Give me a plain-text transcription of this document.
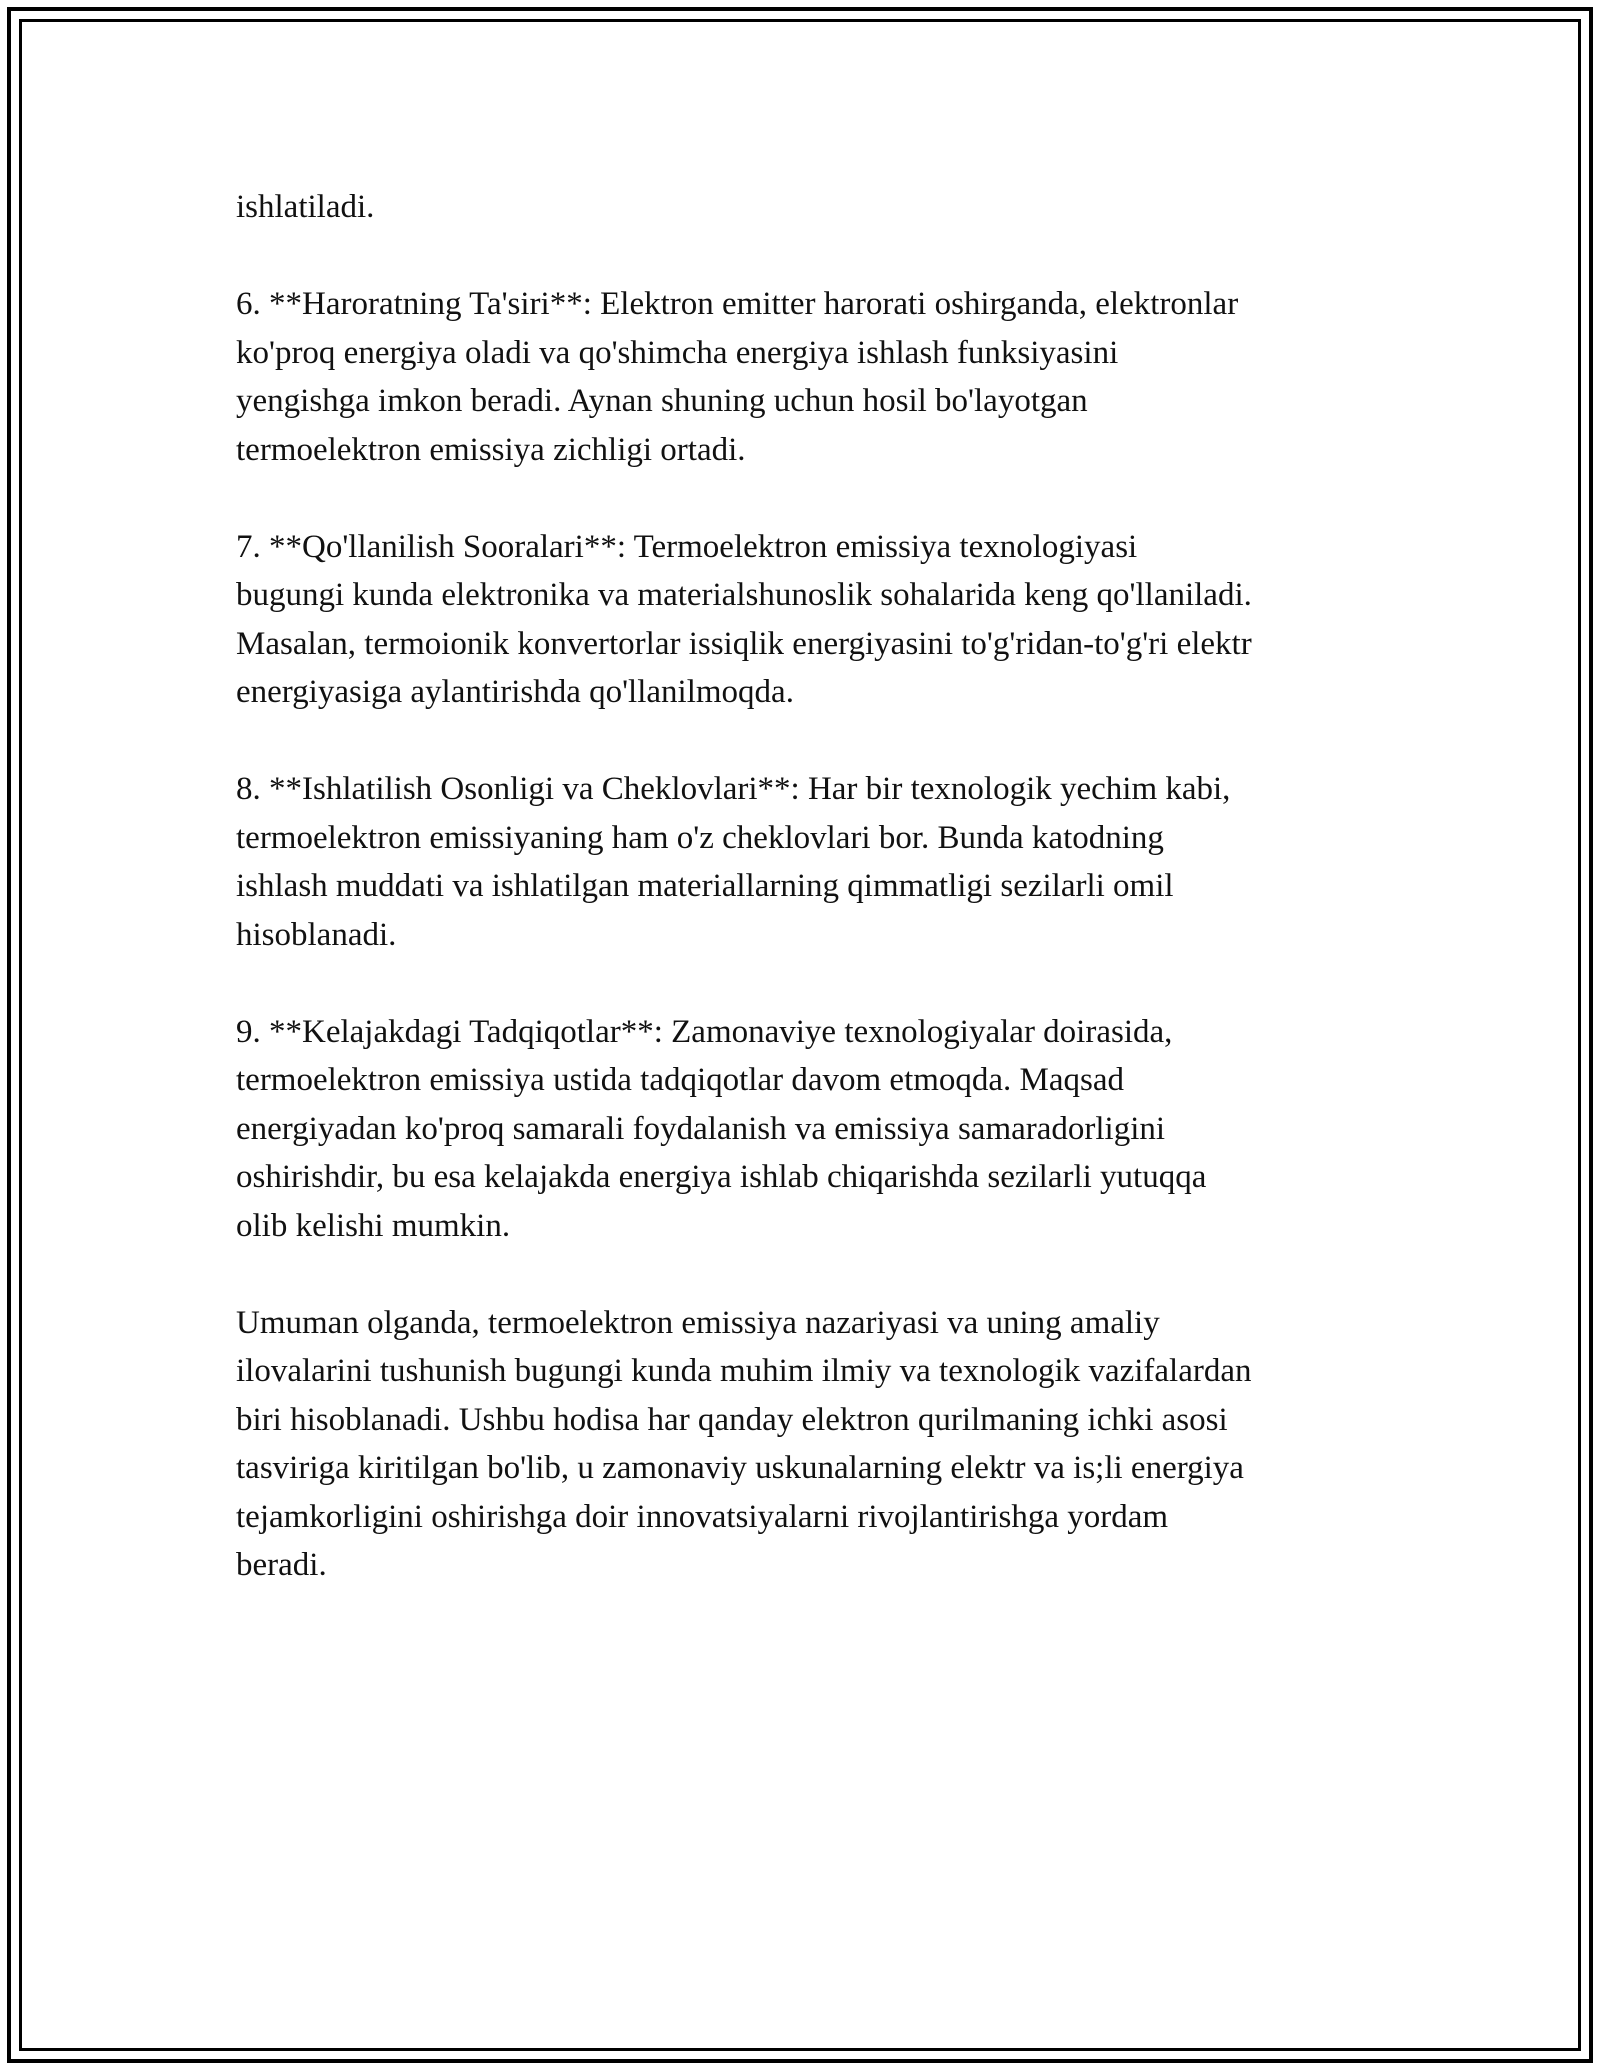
ishlatiladi.

6. **Haroratning Ta'siri**: Elektron emitter harorati oshirganda, elektronlar
ko'proq energiya oladi va qo'shimcha energiya ishlash funksiyasini
yengishga imkon beradi. Aynan shuning uchun hosil bo'layotgan
termoelektron emissiya zichligi ortadi.

7. **Qo'llanilish Sooralari**: Termoelektron emissiya texnologiyasi
bugungi kunda elektronika va materialshunoslik sohalarida keng qo'llaniladi.
Masalan, termoionik konvertorlar issiqlik energiyasini to'g'ridan-to'g'ri elektr
energiyasiga aylantirishda qo'llanilmoqda.

8. **Ishlatilish Osonligi va Cheklovlari**: Har bir texnologik yechim kabi,
termoelektron emissiyaning ham o'z cheklovlari bor. Bunda katodning
ishlash muddati va ishlatilgan materiallarning qimmatligi sezilarli omil
hisoblanadi.

9. **Kelajakdagi Tadqiqotlar**: Zamonaviye texnologiyalar doirasida,
termoelektron emissiya ustida tadqiqotlar davom etmoqda. Maqsad
energiyadan ko'proq samarali foydalanish va emissiya samaradorligini
oshirishdir, bu esa kelajakda energiya ishlab chiqarishda sezilarli yutuqqa
olib kelishi mumkin.

Umuman olganda, termoelektron emissiya nazariyasi va uning amaliy
ilovalarini tushunish bugungi kunda muhim ilmiy va texnologik vazifalardan
biri hisoblanadi. Ushbu hodisa har qanday elektron qurilmaning ichki asosi
tasviriga kiritilgan bo'lib, u zamonaviy uskunalarning elektr va is;li energiya
tejamkorligini oshirishga doir innovatsiyalarni rivojlantirishga yordam
beradi.
